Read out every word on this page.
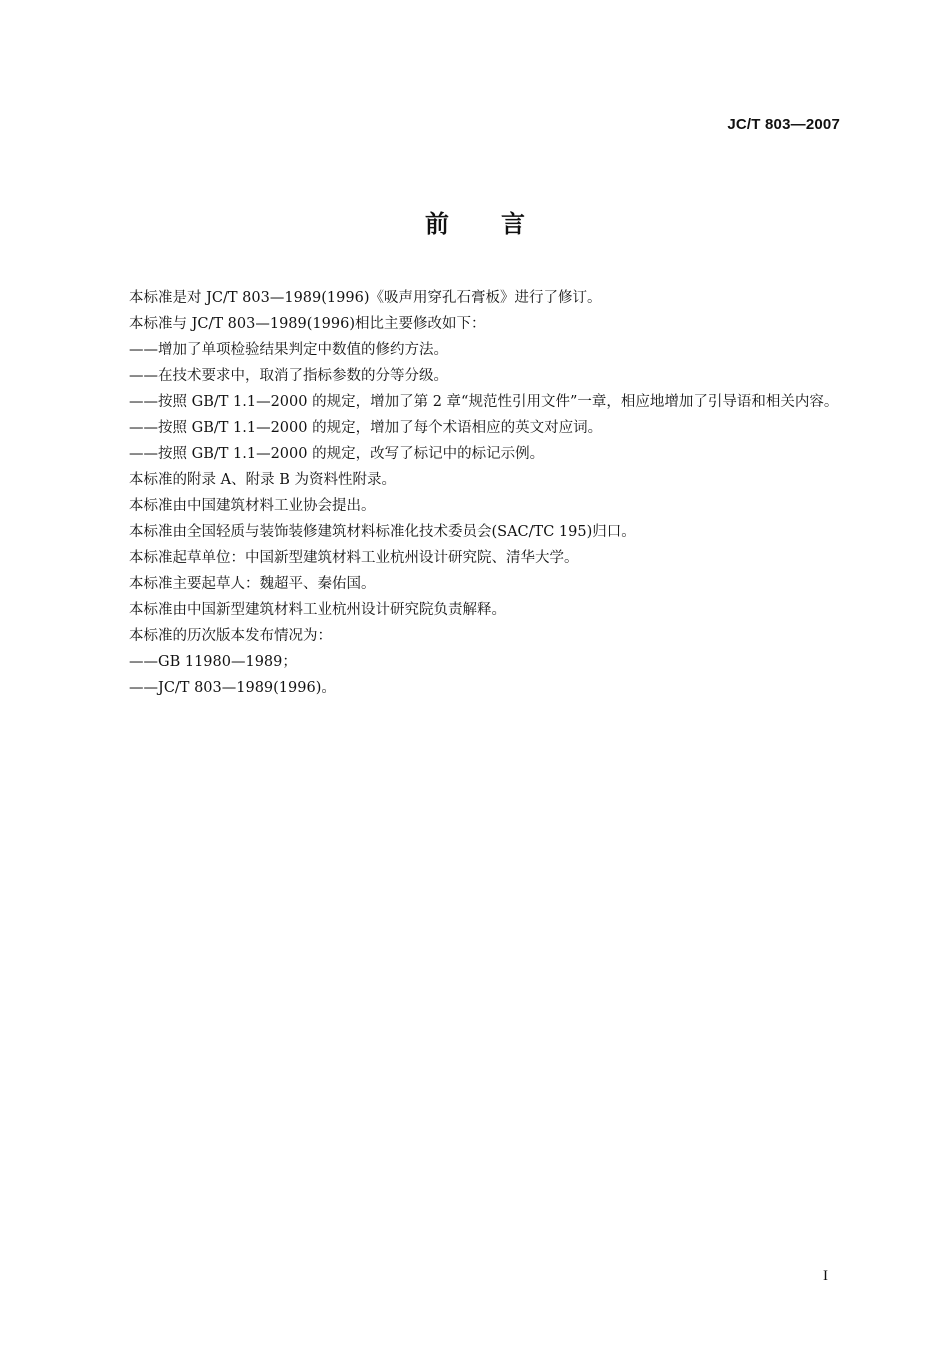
JC/T 803—2007
前 言
本标准是对 JC/T 803—1989(1996)《吸声用穿孔石膏板》进行了修订。
本标准与 JC/T 803—1989(1996)相比主要修改如下：
——增加了单项检验结果判定中数值的修约方法。
——在技术要求中，取消了指标参数的分等分级。
——按照 GB/T 1.1—2000 的规定，增加了第 2 章“规范性引用文件”一章，相应地增加了引导语和相关内容。
——按照 GB/T 1.1—2000 的规定，增加了每个术语相应的英文对应词。
——按照 GB/T 1.1—2000 的规定，改写了标记中的标记示例。
本标准的附录 A、附录 B 为资料性附录。
本标准由中国建筑材料工业协会提出。
本标准由全国轻质与装饰装修建筑材料标准化技术委员会(SAC/TC 195)归口。
本标准起草单位：中国新型建筑材料工业杭州设计研究院、清华大学。
本标准主要起草人：魏超平、秦佑国。
本标准由中国新型建筑材料工业杭州设计研究院负责解释。
本标准的历次版本发布情况为：
——GB 11980—1989；
——JC/T 803—1989(1996)。
I
